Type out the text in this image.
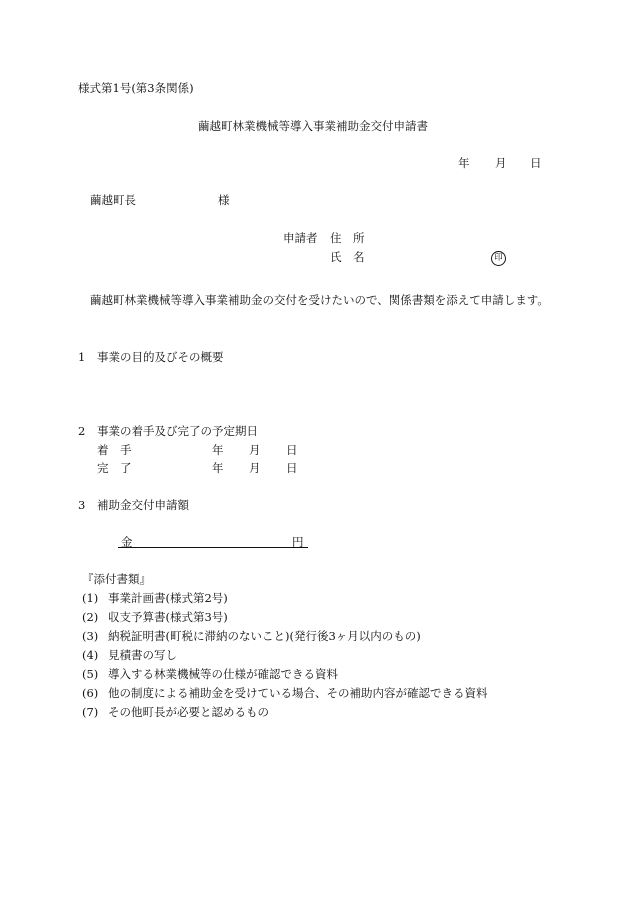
様式第1号(第3条関係)
繭越町林業機械等導入事業補助金交付申請書
年 月 日
繭越町長	様
申請者 住　所
氏　名	印
繭越町林業機械等導入事業補助金の交付を受けたいので、関係書類を添えて申請します。
1 事業の目的及びその概要
2 事業の着手及び完了の予定期日
着　手	年 月 日
完　了	年 月 日
3 補助金交付申請額
金	円
『添付書類』
(1) 事業計画書(様式第2号)
(2) 収支予算書(様式第3号)
(3) 納税証明書(町税に滞納のないこと)(発行後3ヶ月以内のもの)
(4) 見積書の写し
(5) 導入する林業機械等の仕様が確認できる資料
(6) 他の制度による補助金を受けている場合、その補助内容が確認できる資料
(7) その他町長が必要と認めるもの
